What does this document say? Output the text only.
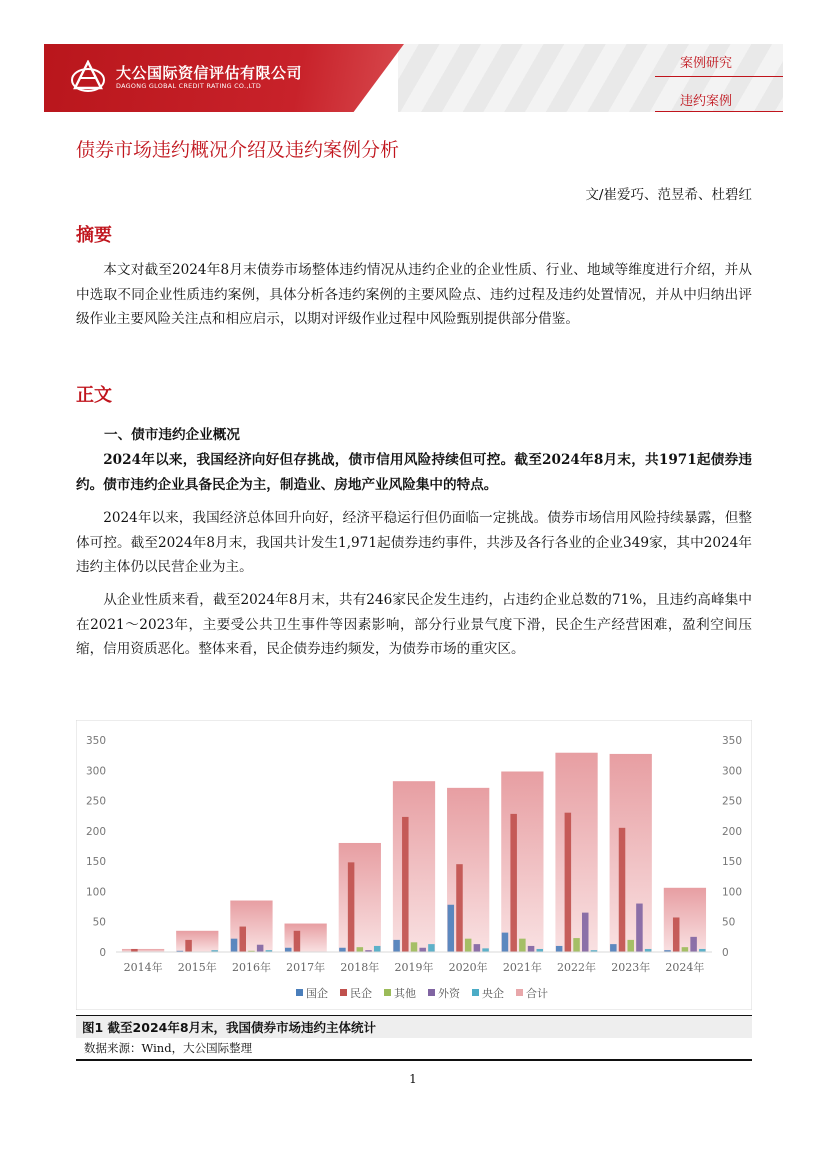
大公国际资信评估有限公司
DAGONG GLOBAL CREDIT RATING CO.,LTD
案例研究
违约案例
债券市场违约概况介绍及违约案例分析
文/崔爱巧、范昱希、杜碧红
摘要

本文对截至2024年8月末债券市场整体违约情况从违约企业的企业性质、行业、地域等维度进行介绍，并从中选取不同企业性质违约案例，具体分析各违约案例的主要风险点、违约过程及违约处置情况，并从中归纳出评级作业主要风险关注点和相应启示，以期对评级作业过程中风险甄别提供部分借鉴。

正文
一、债市违约企业概况

2024年以来，我国经济向好但存挑战，债市信用风险持续但可控。截至2024年8月末，共1971起债券违约。债市违约企业具备民企为主，制造业、房地产业风险集中的特点。

2024年以来，我国经济总体回升向好，经济平稳运行但仍面临一定挑战。债券市场信用风险持续暴露，但整体可控。截至2024年8月末，我国共计发生1,971起债券违约事件，共涉及各行各业的企业349家，其中2024年违约主体仍以民营企业为主。

从企业性质来看，截至2024年8月末，共有246家民企发生违约，占违约企业总数的71%，且违约高峰集中在2021～2023年，主要受公共卫生事件等因素影响，部分行业景气度下滑，民企生产经营困难，盈利空间压缩，信用资质恶化。整体来看，民企债券违约频发，为债券市场的重灾区。

0
50
100
150
200
250
300
350
0
50
100
150
200
250
300
350
2014年 2015年 2016年 2017年 2018年 2019年 2020年 2021年 2022年 2023年 2024年
国企 民企 其他 外资 央企 合计
图1 截至2024年8月末，我国债券市场违约主体统计
数据来源：Wind，大公国际整理
1
